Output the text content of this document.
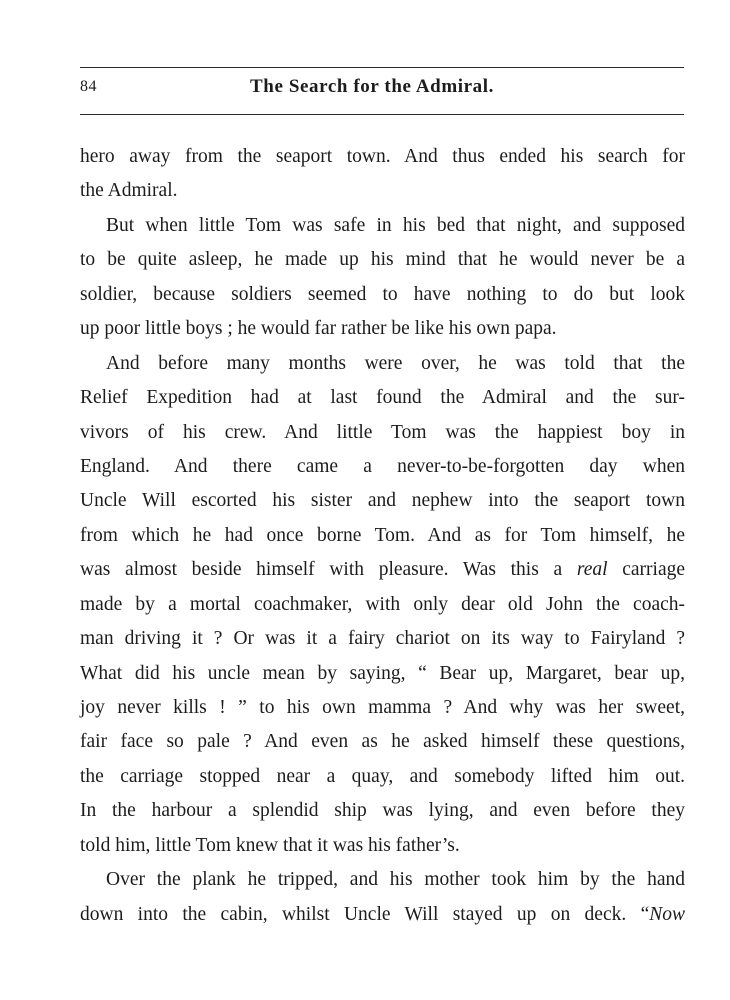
84	The Search for the Admiral.
hero away from the seaport town. And thus ended his search for
the Admiral.
But when little Tom was safe in his bed that night, and supposed
to be quite asleep, he made up his mind that he would never be a
soldier, because soldiers seemed to have nothing to do but look
up poor little boys ; he would far rather be like his own papa.
And before many months were over, he was told that the
Relief Expedition had at last found the Admiral and the sur-
vivors of his crew. And little Tom was the happiest boy in
England. And there came a never-to-be-forgotten day when
Uncle Will escorted his sister and nephew into the seaport town
from which he had once borne Tom. And as for Tom himself, he
was almost beside himself with pleasure. Was this a real carriage
made by a mortal coachmaker, with only dear old John the coach-
man driving it ? Or was it a fairy chariot on its way to Fairyland ?
What did his uncle mean by saying, “ Bear up, Margaret, bear up,
joy never kills ! ” to his own mamma ? And why was her sweet,
fair face so pale ? And even as he asked himself these questions,
the carriage stopped near a quay, and somebody lifted him out.
In the harbour a splendid ship was lying, and even before they
told him, little Tom knew that it was his father’s.
Over the plank he tripped, and his mother took him by the hand
down into the cabin, whilst Uncle Will stayed up on deck. “Now
